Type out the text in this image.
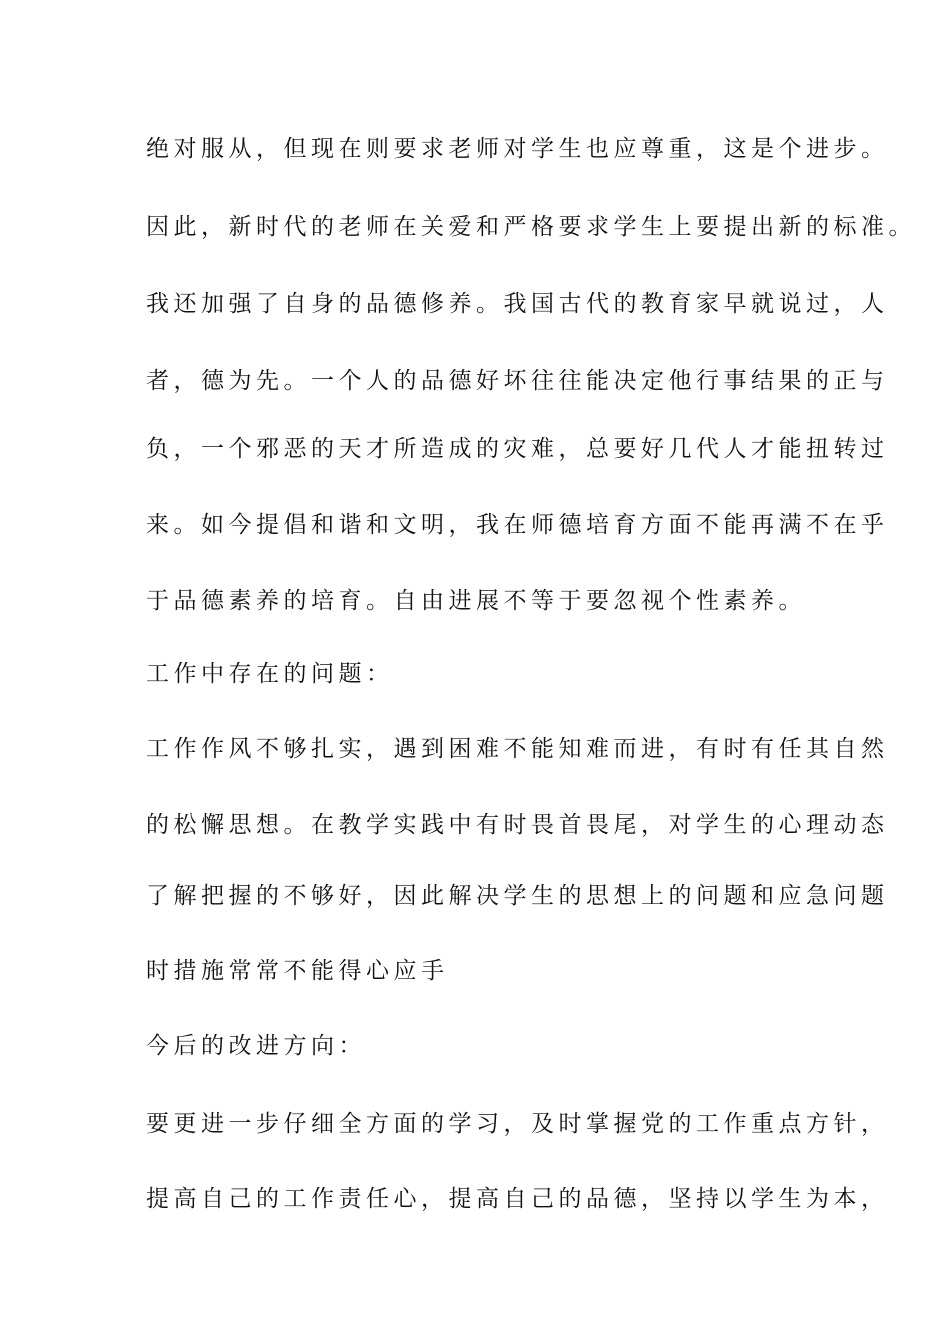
绝对服从，但现在则要求老师对学生也应尊重，这是个进步。
因此，新时代的老师在关爱和严格要求学生上要提出新的标准。
我还加强了自身的品德修养。我国古代的教育家早就说过，人
者，德为先。一个人的品德好坏往往能决定他行事结果的正与
负，一个邪恶的天才所造成的灾难，总要好几代人才能扭转过
来。如今提倡和谐和文明，我在师德培育方面不能再满不在乎
于品德素养的培育。自由进展不等于要忽视个性素养。
工作中存在的问题：
工作作风不够扎实，遇到困难不能知难而进，有时有任其自然
的松懈思想。在教学实践中有时畏首畏尾，对学生的心理动态
了解把握的不够好，因此解决学生的思想上的问题和应急问题
时措施常常不能得心应手
今后的改进方向：
要更进一步仔细全方面的学习，及时掌握党的工作重点方针，
提高自己的工作责任心，提高自己的品德，坚持以学生为本，
